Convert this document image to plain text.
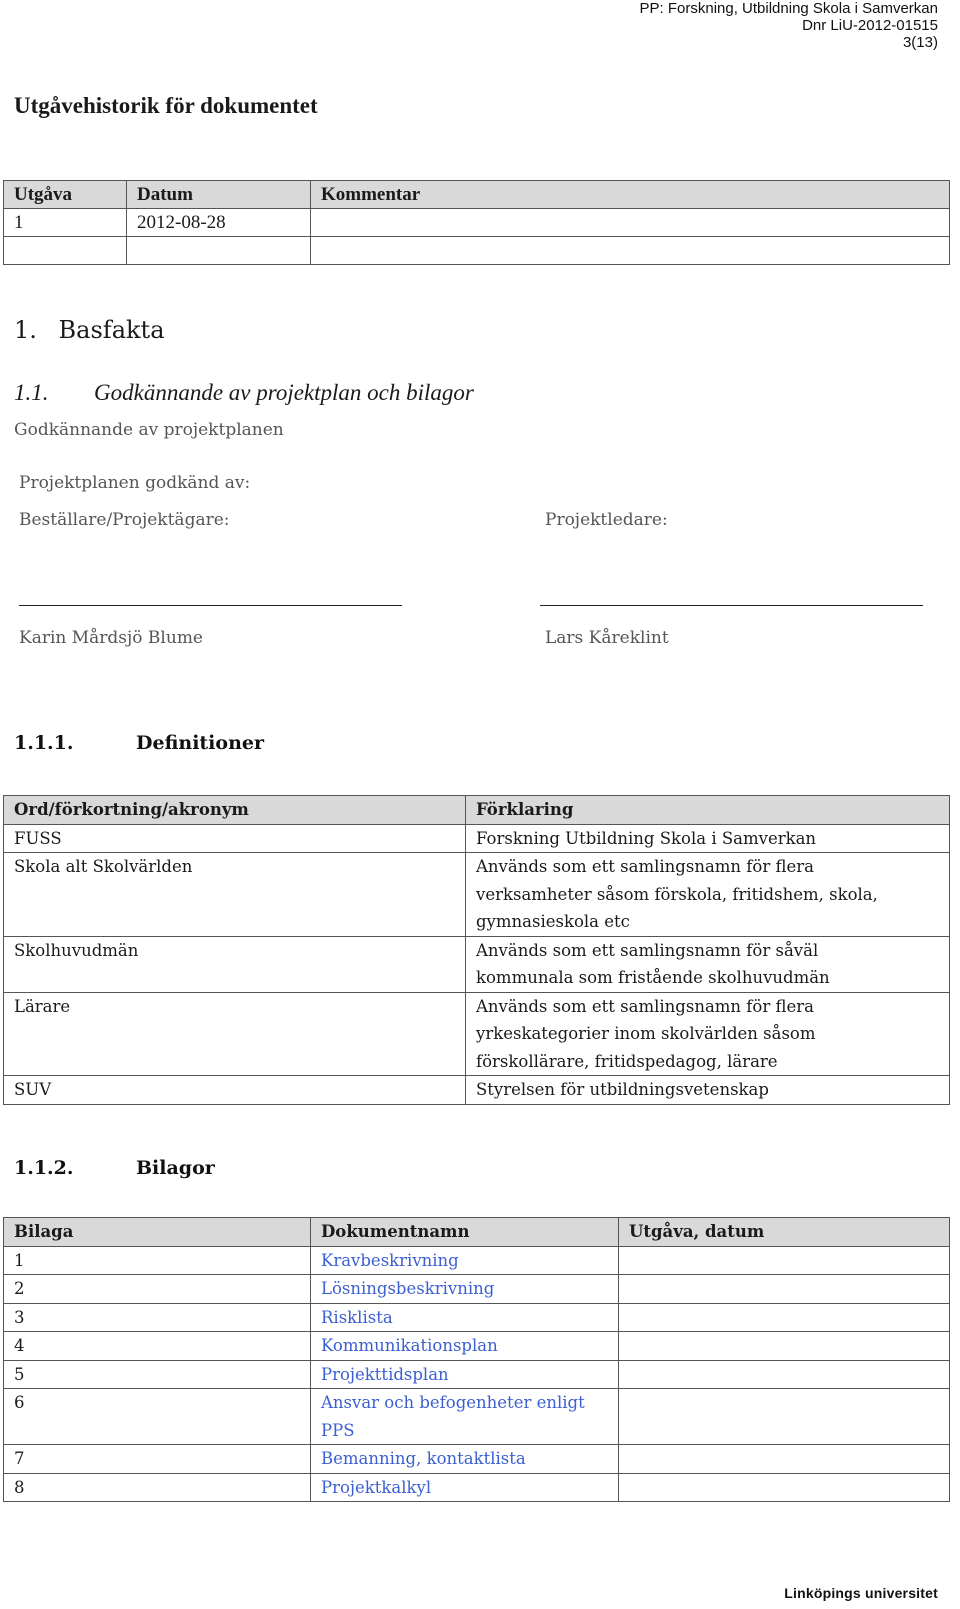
PP: Forskning, Utbildning Skola i Samverkan
Dnr LiU-2012-01515
3(13)
Utgåvehistorik för dokumentet
Utgåva	Datum	Kommentar
1	2012-08-28	

1. Basfakta
1.1. Godkännande av projektplan och bilagor
Godkännande av projektplanen
Projektplanen godkänd av:
Beställare/Projektägare:	Projektledare:
Karin Mårdsjö Blume	Lars Kåreklint
1.1.1.	Definitioner
Ord/förkortning/akronym	Förklaring
FUSS	Forskning Utbildning Skola i Samverkan

Skola alt Skolvärlden	Används som ett samlingsnamn för flera
verksamheter såsom förskola, fritidshem, skola,
gymnasieskola etc

Skolhuvudmän	Används som ett samlingsnamn för såväl
kommunala som fristående skolhuvudmän

Lärare	Används som ett samlingsnamn för flera
yrkeskategorier inom skolvärlden såsom
förskollärare, fritidspedagog, lärare

SUV	Styrelsen för utbildningsvetenskap
1.1.2.	Bilagor
Bilaga	Dokumentnamn	Utgåva, datum
1	Kravbeskrivning	
2	Lösningsbeskrivning	
3	Risklista	
4	Kommunikationsplan	
5	Projekttidsplan	
6	Ansvar och befogenheter enligt
PPS	

7	Bemanning, kontaktlista	
8	Projektkalkyl	
Linköpings universitet
